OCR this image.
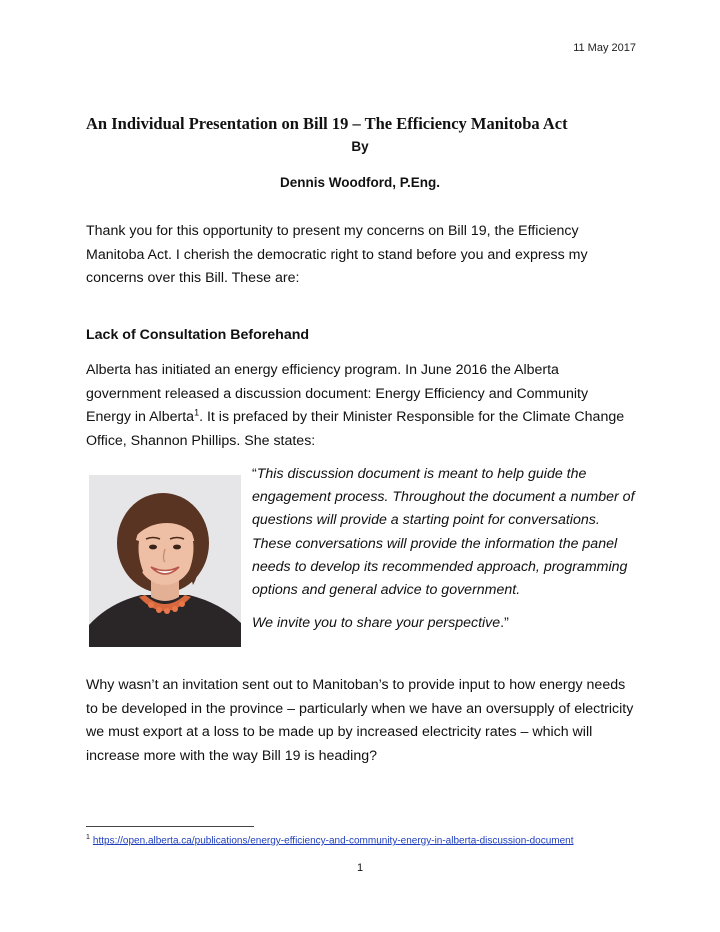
11 May 2017
An Individual Presentation on Bill 19 – The Efficiency Manitoba Act
By
Dennis Woodford, P.Eng.
Thank you for this opportunity to present my concerns on Bill 19, the Efficiency Manitoba Act. I cherish the democratic right to stand before you and express my concerns over this Bill. These are:
Lack of Consultation Beforehand
Alberta has initiated an energy efficiency program. In June 2016 the Alberta government released a discussion document: Energy Efficiency and Community Energy in Alberta$^1$. It is prefaced by their Minister Responsible for the Climate Change Office, Shannon Phillips. She states:
“This discussion document is meant to help guide the engagement process. Throughout the document a number of questions will provide a starting point for conversations. These conversations will provide the information the panel needs to develop its recommended approach, programming options and general advice to government.
We invite you to share your perspective.”
Why wasn’t an invitation sent out to Manitoban’s to provide input to how energy needs to be developed in the province – particularly when we have an oversupply of electricity we must export at a loss to be made up by increased electricity rates – which will increase more with the way Bill 19 is heading?
$^1$ https://open.alberta.ca/publications/energy-efficiency-and-community-energy-in-alberta-discussion-document
1
